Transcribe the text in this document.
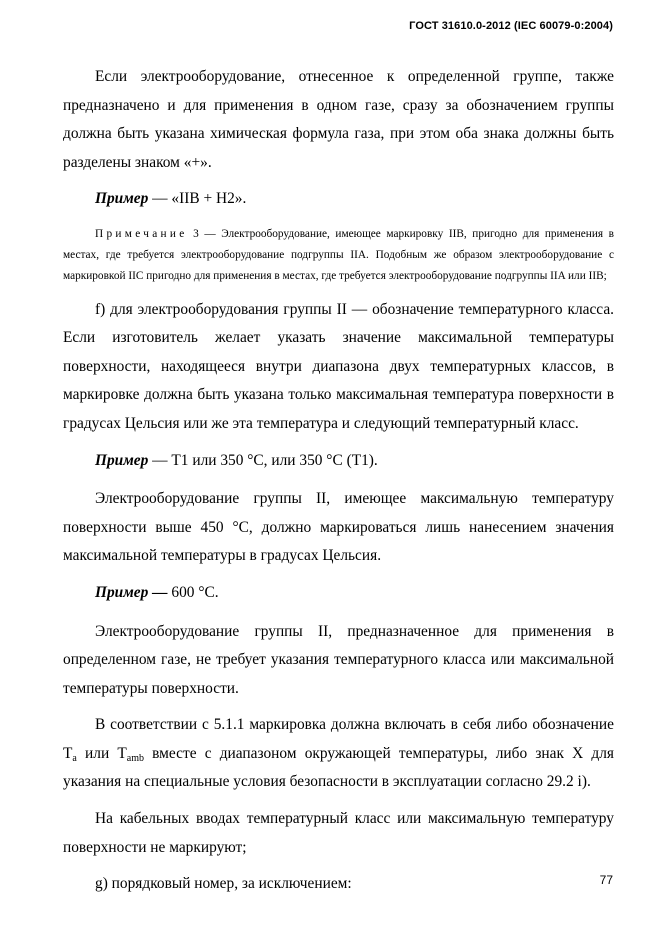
ГОСТ 31610.0-2012 (IEC 60079-0:2004)

Если электрооборудование, отнесенное к определенной группе, также предназначено и для применения в одном газе, сразу за обозначением группы должна быть указана химическая формула газа, при этом оба знака должны быть разделены знаком «+».

Пример — «IIB + H2».

Примечание 3 — Электрооборудование, имеющее маркировку IIB, пригодно для применения в местах, где требуется электрооборудование подгруппы IIA. Подобным же образом электрооборудование с маркировкой IIC пригодно для применения в местах, где требуется электрооборудование подгруппы IIA или IIB;

f) для электрооборудования группы II — обозначение температурного класса. Если изготовитель желает указать значение максимальной температуры поверхности, находящееся внутри диапазона двух температурных классов, в маркировке должна быть указана только максимальная температура поверхности в градусах Цельсия или же эта температура и следующий температурный класс.

Пример — T1 или 350 °C, или 350 °C (T1).

Электрооборудование группы II, имеющее максимальную температуру поверхности выше 450 °C, должно маркироваться лишь нанесением значения максимальной температуры в градусах Цельсия.

Пример — 600 °C.

Электрооборудование группы II, предназначенное для применения в определенном газе, не требует указания температурного класса или максимальной температуры поверхности.

В соответствии с 5.1.1 маркировка должна включать в себя либо обозначение $T_a$ или $T_{amb}$ вместе с диапазоном окружающей температуры, либо знак X для указания на специальные условия безопасности в эксплуатации согласно 29.2 i).

На кабельных вводах температурный класс или максимальную температуру поверхности не маркируют;

g) порядковый номер, за исключением:	77
